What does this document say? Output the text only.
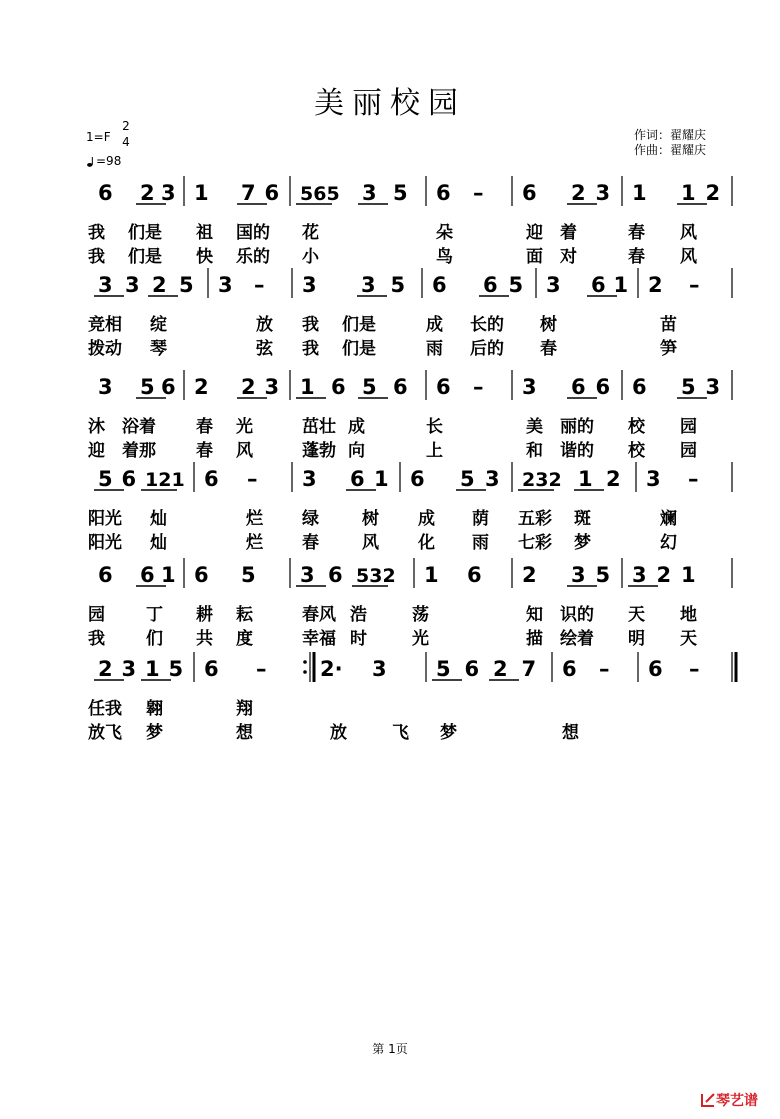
美丽校园
1=F
2
4
=98
作词：翟耀庆
作曲：翟耀庆
6 2 3 1 7 6 565 3 5 6 – 6 2 3 1 1 2
我 们是 祖 国的 花	朵	迎 着	春 风
我 们是 快 乐的 小	鸟	面 对	春 风
3 3 2 5 3 – 3 3 5 6 6 5 3 6 1 2 –
竞相 绽	放 我 们是	成 长的 树	苗
拨动 琴	弦 我 们是	雨 后的 春	笋
3 5 6 2 2 3 1 6 5 6 6 – 3 6 6 6 5 3
沐 浴着 春 光	茁壮 成	长	美 丽的 校 园
迎 着那 春 风	蓬勃 向	上	和 谐的 校 园
5 6 121 6 – 3 6 1 6 5 3 232 1 2 3 –
阳光 灿	烂 绿	树 成 荫 五彩 斑	斓
阳光 灿	烂 春	风 化 雨 七彩 梦	幻
6 6 1 6 5 3 6 532 1 6 2 3 5 3 2 1
园 丁 耕 耘	春风 浩	荡	知 识的 天 地
我 们 共 度	幸福 时	光	描 绘着 明 天
2 3 1 5 6 –	2· 3 5 6 2 7 6 – 6 –
任我 翱	翔
放飞 梦	想	放	飞 梦	想
第 1页
琴艺谱
